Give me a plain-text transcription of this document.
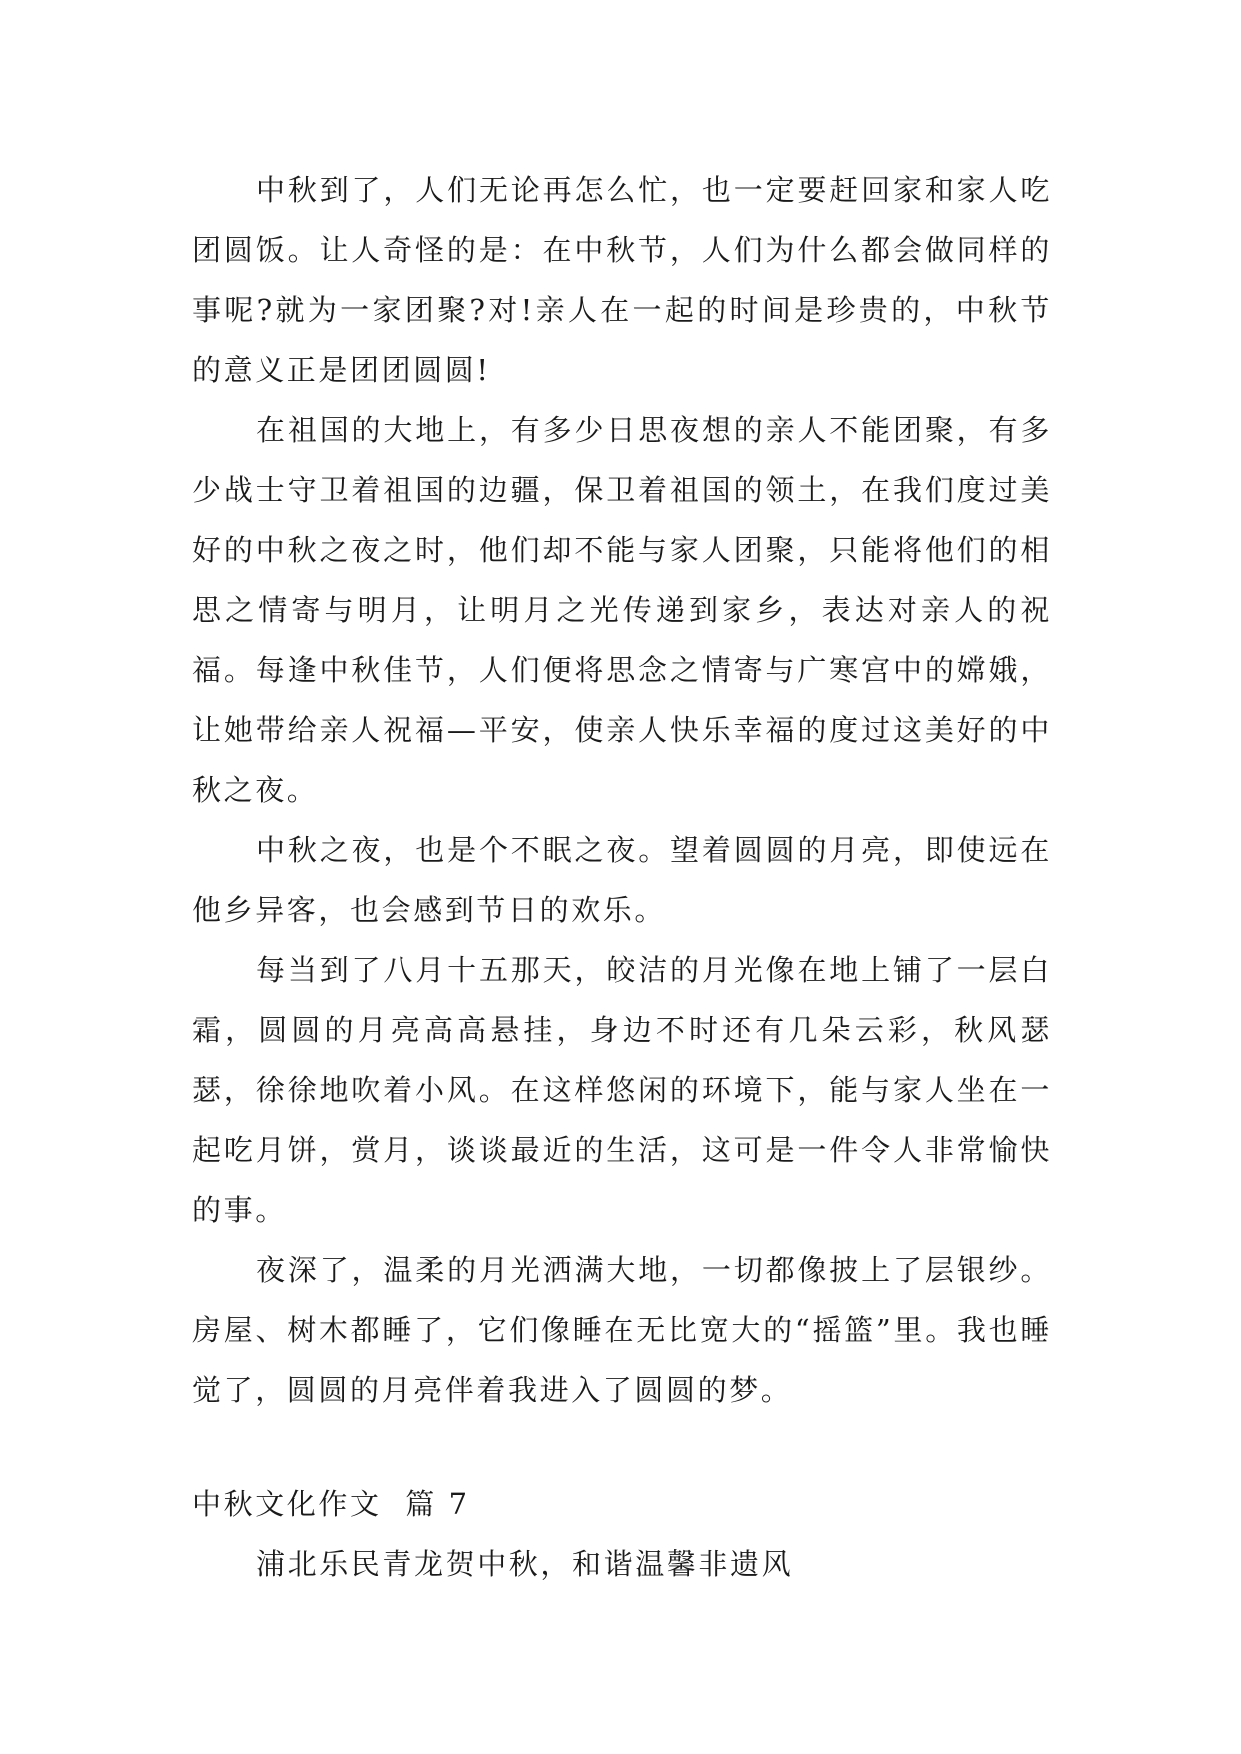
中秋到了，人们无论再怎么忙，也一定要赶回家和家人吃团圆饭。让人奇怪的是：在中秋节，人们为什么都会做同样的事呢?就为一家团聚?对!亲人在一起的时间是珍贵的，中秋节的意义正是团团圆圆!

在祖国的大地上，有多少日思夜想的亲人不能团聚，有多少战士守卫着祖国的边疆，保卫着祖国的领土，在我们度过美好的中秋之夜之时，他们却不能与家人团聚，只能将他们的相思之情寄与明月，让明月之光传递到家乡，表达对亲人的祝福。每逢中秋佳节，人们便将思念之情寄与广寒宫中的嫦娥，让她带给亲人祝福—平安，使亲人快乐幸福的度过这美好的中秋之夜。

中秋之夜，也是个不眠之夜。望着圆圆的月亮，即使远在他乡异客，也会感到节日的欢乐。

每当到了八月十五那天，皎洁的月光像在地上铺了一层白霜，圆圆的月亮高高悬挂，身边不时还有几朵云彩，秋风瑟瑟，徐徐地吹着小风。在这样悠闲的环境下，能与家人坐在一起吃月饼，赏月，谈谈最近的生活，这可是一件令人非常愉快的事。

夜深了，温柔的月光洒满大地，一切都像披上了层银纱。房屋、树木都睡了，它们像睡在无比宽大的“摇篮”里。我也睡觉了，圆圆的月亮伴着我进入了圆圆的梦。

中秋文化作文  篇 7

浦北乐民青龙贺中秋，和谐温馨非遗风
